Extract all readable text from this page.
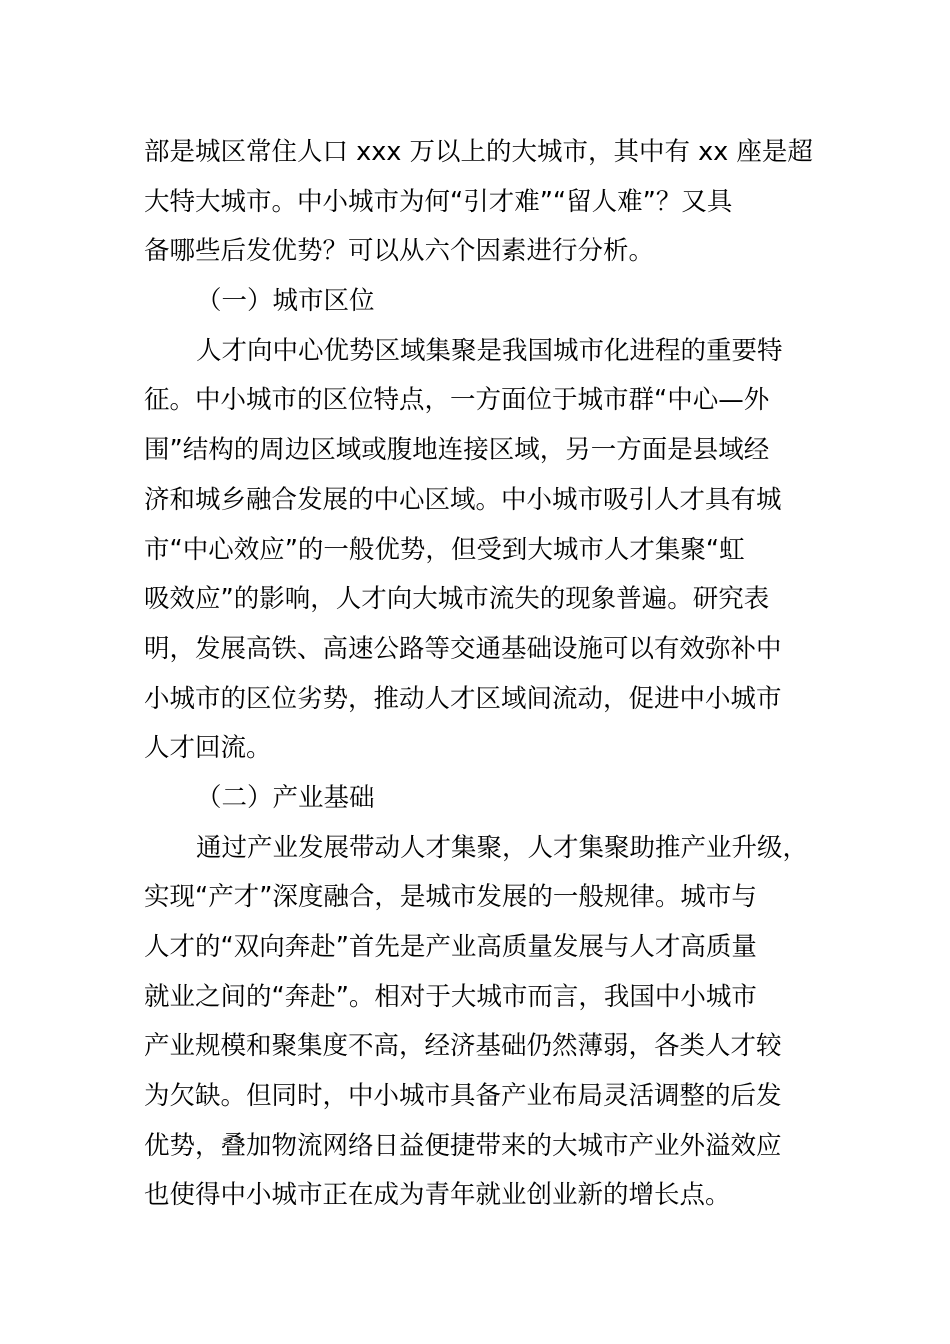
部是城区常住人口 xxx 万以上的大城市，其中有 xx 座是超
大特大城市。中小城市为何“引才难”“留人难”？又具
备哪些后发优势？可以从六个因素进行分析。
（一）城市区位
人才向中心优势区域集聚是我国城市化进程的重要特
征。中小城市的区位特点，一方面位于城市群“中心—外
围”结构的周边区域或腹地连接区域，另一方面是县域经
济和城乡融合发展的中心区域。中小城市吸引人才具有城
市“中心效应”的一般优势，但受到大城市人才集聚“虹
吸效应”的影响，人才向大城市流失的现象普遍。研究表
明，发展高铁、高速公路等交通基础设施可以有效弥补中
小城市的区位劣势，推动人才区域间流动，促进中小城市
人才回流。
（二）产业基础
通过产业发展带动人才集聚，人才集聚助推产业升级，
实现“产才”深度融合，是城市发展的一般规律。城市与
人才的“双向奔赴”首先是产业高质量发展与人才高质量
就业之间的“奔赴”。相对于大城市而言，我国中小城市
产业规模和聚集度不高，经济基础仍然薄弱，各类人才较
为欠缺。但同时，中小城市具备产业布局灵活调整的后发
优势，叠加物流网络日益便捷带来的大城市产业外溢效应
也使得中小城市正在成为青年就业创业新的增长点。
